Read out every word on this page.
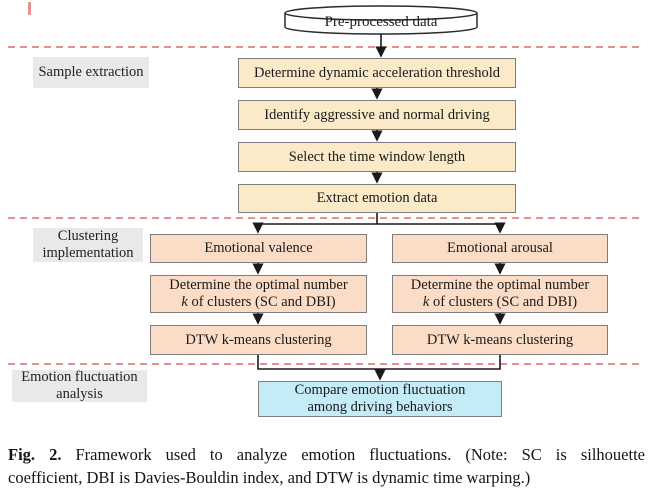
Pre-processed data
Sample extraction
Clustering
implementation
Emotion fluctuation
analysis
Determine dynamic acceleration threshold
Identify aggressive and normal driving
Select the time window length
Extract emotion data
Emotional valence
Determine the optimal number
k of clusters (SC and DBI)
DTW k-means clustering
Emotional arousal
Determine the optimal number
k of clusters (SC and DBI)
DTW k-means clustering
Compare emotion fluctuation
among driving behaviors
Fig. 2. Framework used to analyze emotion fluctuations. (Note: SC is silhouette
coefficient, DBI is Davies-Bouldin index, and DTW is dynamic time warping.)
